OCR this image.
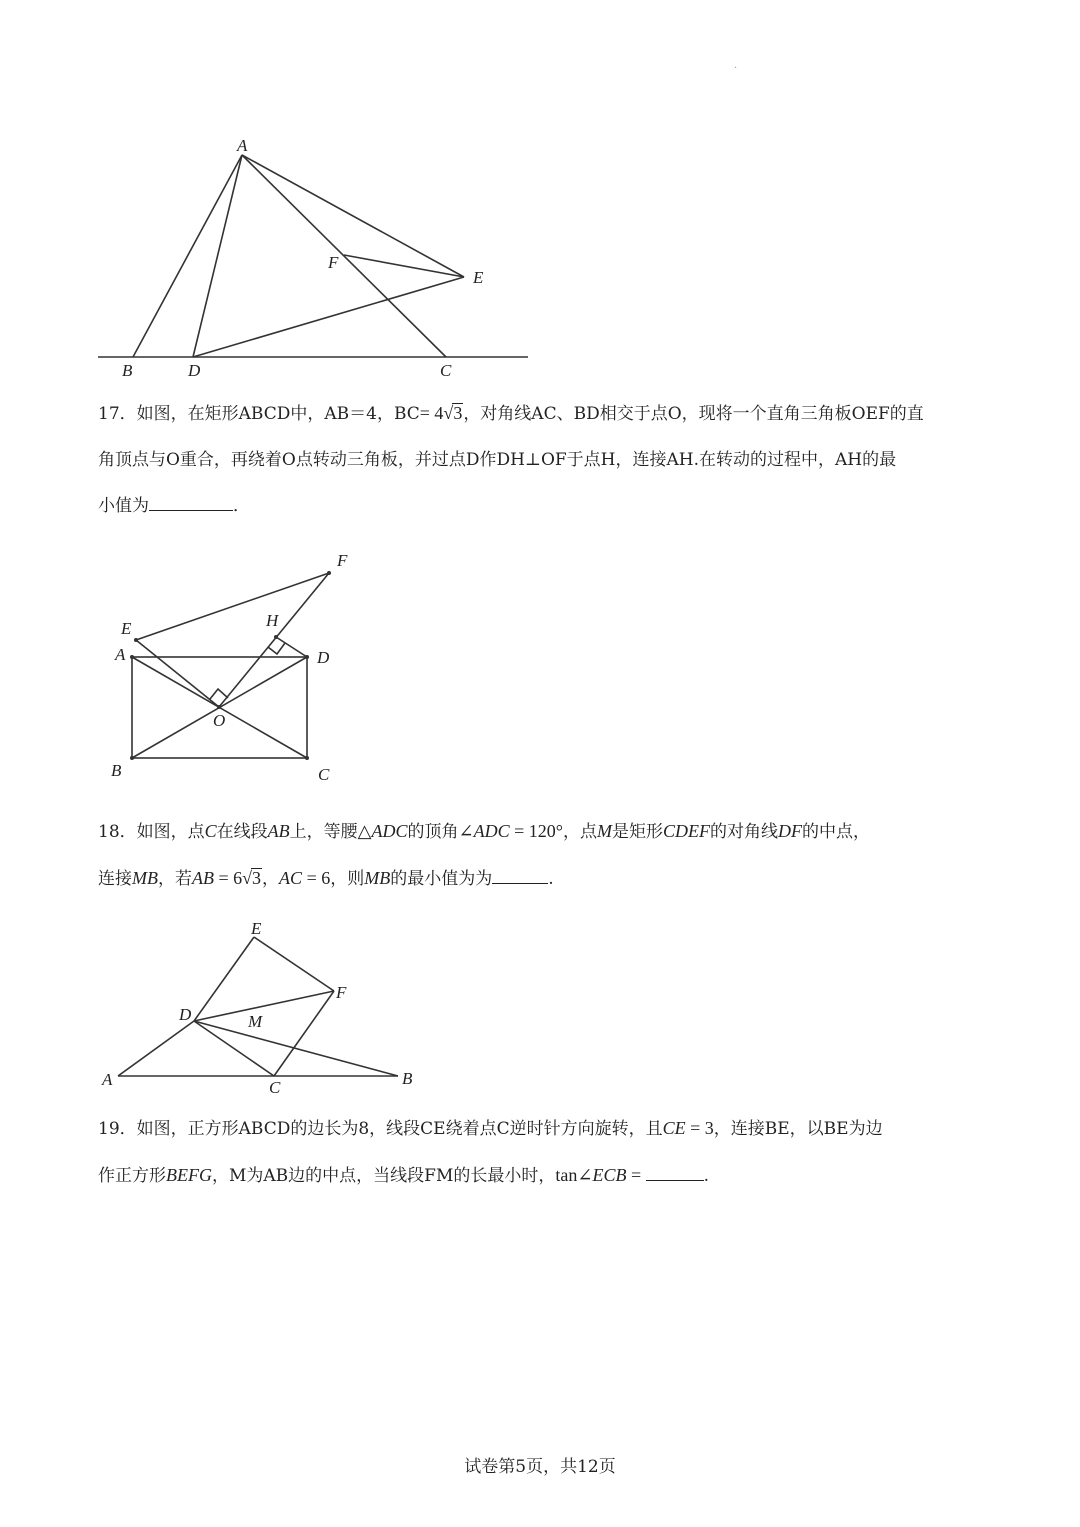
.
A
B	D	C
F
E

17．如图，在矩形ABCD中，AB＝4，BC= 4√3，对角线AC、BD相交于点O，现将一个直角三角板OEF的直

角顶点与O重合，再绕着O点转动三角板，并过点D作DH⊥OF于点H，连接AH.在转动的过程中，AH的最

小值为	．

F
E	H
A	D
O
B	C

18．如图，点C在线段AB上，等腰△ADC的顶角∠ADC = 120°，点M是矩形CDEF的对角线DF的中点，

连接MB，若AB = 6√3，AC = 6，则MB的最小值为为	.

E
F
D	M
A	C	B

19．如图，正方形ABCD的边长为8，线段CE绕着点C逆时针方向旋转，且CE = 3，连接BE，以BE为边

作正方形BEFG，M为AB边的中点，当线段FM的长最小时，tan∠ECB =	.

试卷第5页，共12页
